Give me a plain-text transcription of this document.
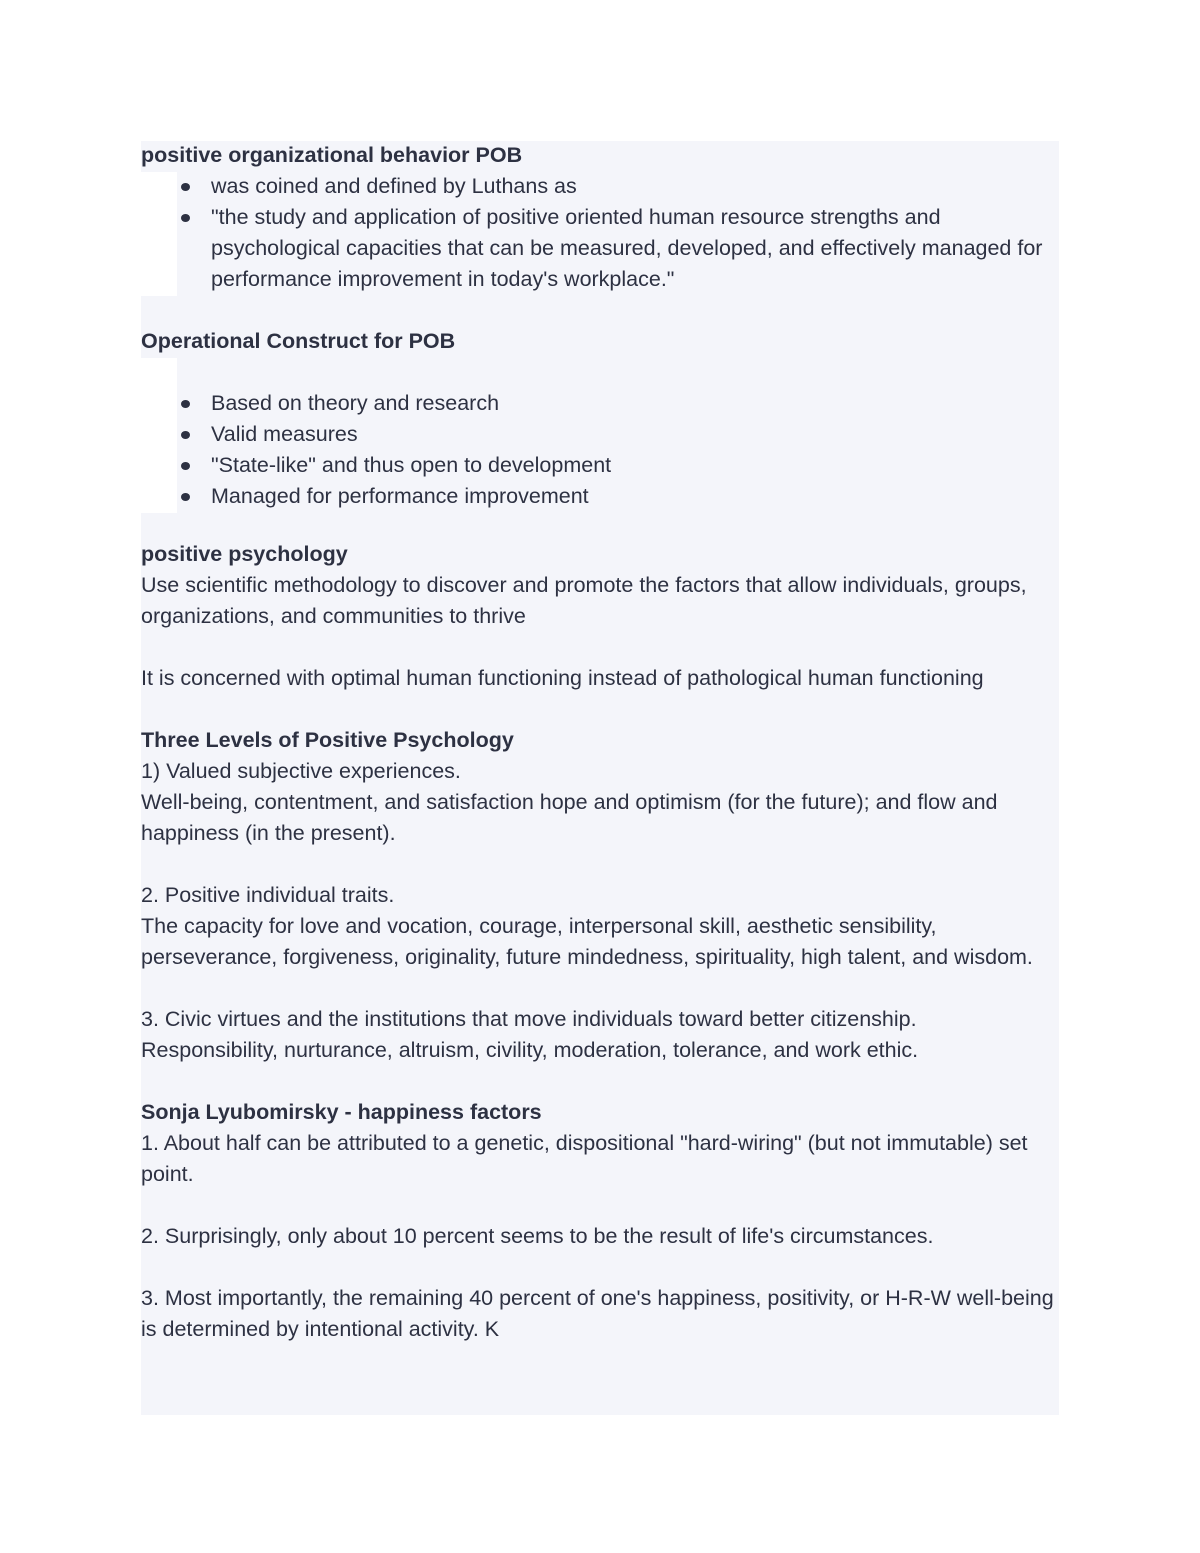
positive organizational behavior POB

was coined and defined by Luthans as
"the study and application of positive oriented human resource strengths and psychological capacities that can be measured, developed, and effectively managed for performance improvement in today's workplace."

Operational Construct for POB

Based on theory and research
Valid measures
"State-like" and thus open to development
Managed for performance improvement

positive psychology

Use scientific methodology to discover and promote the factors that allow individuals, groups, organizations, and communities to thrive

It is concerned with optimal human functioning instead of pathological human functioning

Three Levels of Positive Psychology

1) Valued subjective experiences.

Well-being, contentment, and satisfaction hope and optimism (for the future); and flow and happiness (in the present).

2. Positive individual traits.

The capacity for love and vocation, courage, interpersonal skill, aesthetic sensibility, perseverance, forgiveness, originality, future mindedness, spirituality, high talent, and wisdom.

3. Civic virtues and the institutions that move individuals toward better citizenship.

Responsibility, nurturance, altruism, civility, moderation, tolerance, and work ethic.

Sonja Lyubomirsky - happiness factors

1. About half can be attributed to a genetic, dispositional "hard-wiring" (but not immutable) set point.

2. Surprisingly, only about 10 percent seems to be the result of life's circumstances.

3. Most importantly, the remaining 40 percent of one's happiness, positivity, or H-R-W well-being is determined by intentional activity. K
